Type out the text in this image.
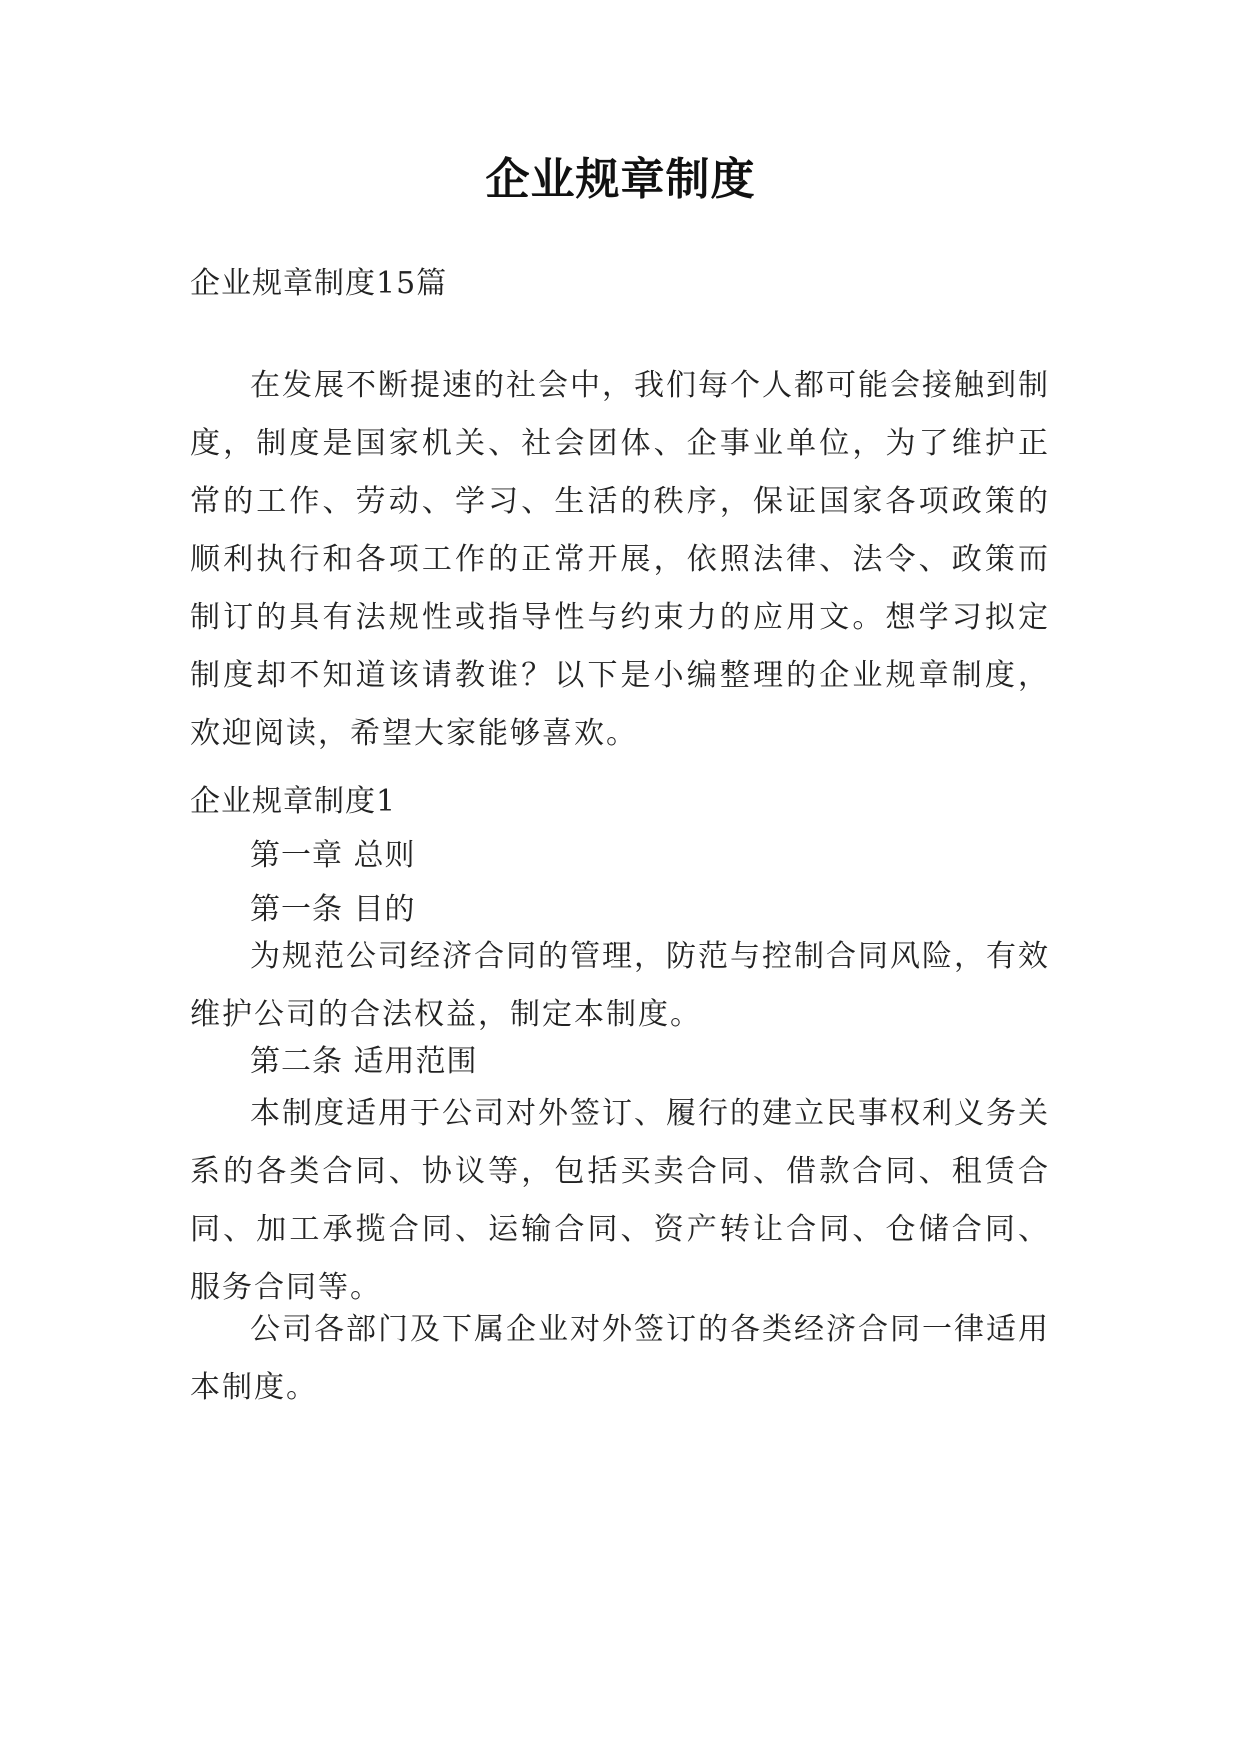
企业规章制度
企业规章制度15篇

在发展不断提速的社会中，我们每个人都可能会接触到制度，制度是国家机关、社会团体、企事业单位，为了维护正常的工作、劳动、学习、生活的秩序，保证国家各项政策的顺利执行和各项工作的正常开展，依照法律、法令、政策而制订的具有法规性或指导性与约束力的应用文。想学习拟定制度却不知道该请教谁？以下是小编整理的企业规章制度，欢迎阅读，希望大家能够喜欢。

企业规章制度1
第一章 总则
第一条 目的

为规范公司经济合同的管理，防范与控制合同风险，有效维护公司的合法权益，制定本制度。

第二条 适用范围

本制度适用于公司对外签订、履行的建立民事权利义务关系的各类合同、协议等，包括买卖合同、借款合同、租赁合同、加工承揽合同、运输合同、资产转让合同、仓储合同、服务合同等。

公司各部门及下属企业对外签订的各类经济合同一律适用本制度。
